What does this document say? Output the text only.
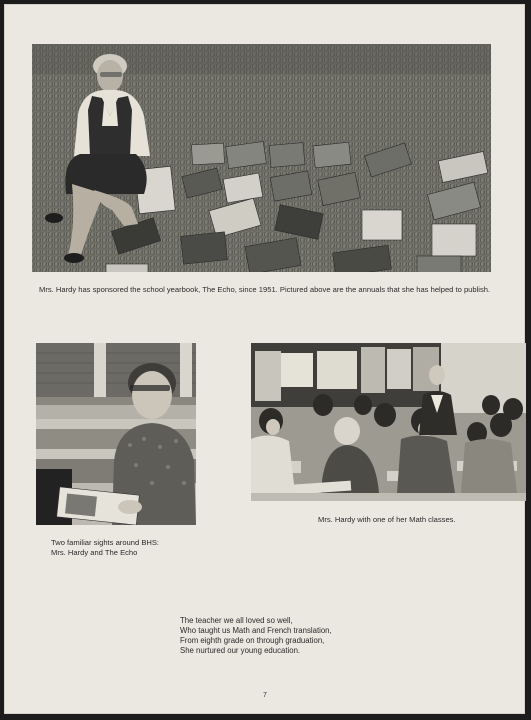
Mrs. Hardy has sponsored the school yearbook, The Echo, since 1951. Pictured above are the annuals that she has helped to publish.
Two familiar sights around BHS:
Mrs. Hardy and The Echo
Mrs. Hardy with one of her Math classes.
The teacher we all loved so well,
Who taught us Math and French translation,
From eighth grade on through graduation,
She nurtured our young education.
7
